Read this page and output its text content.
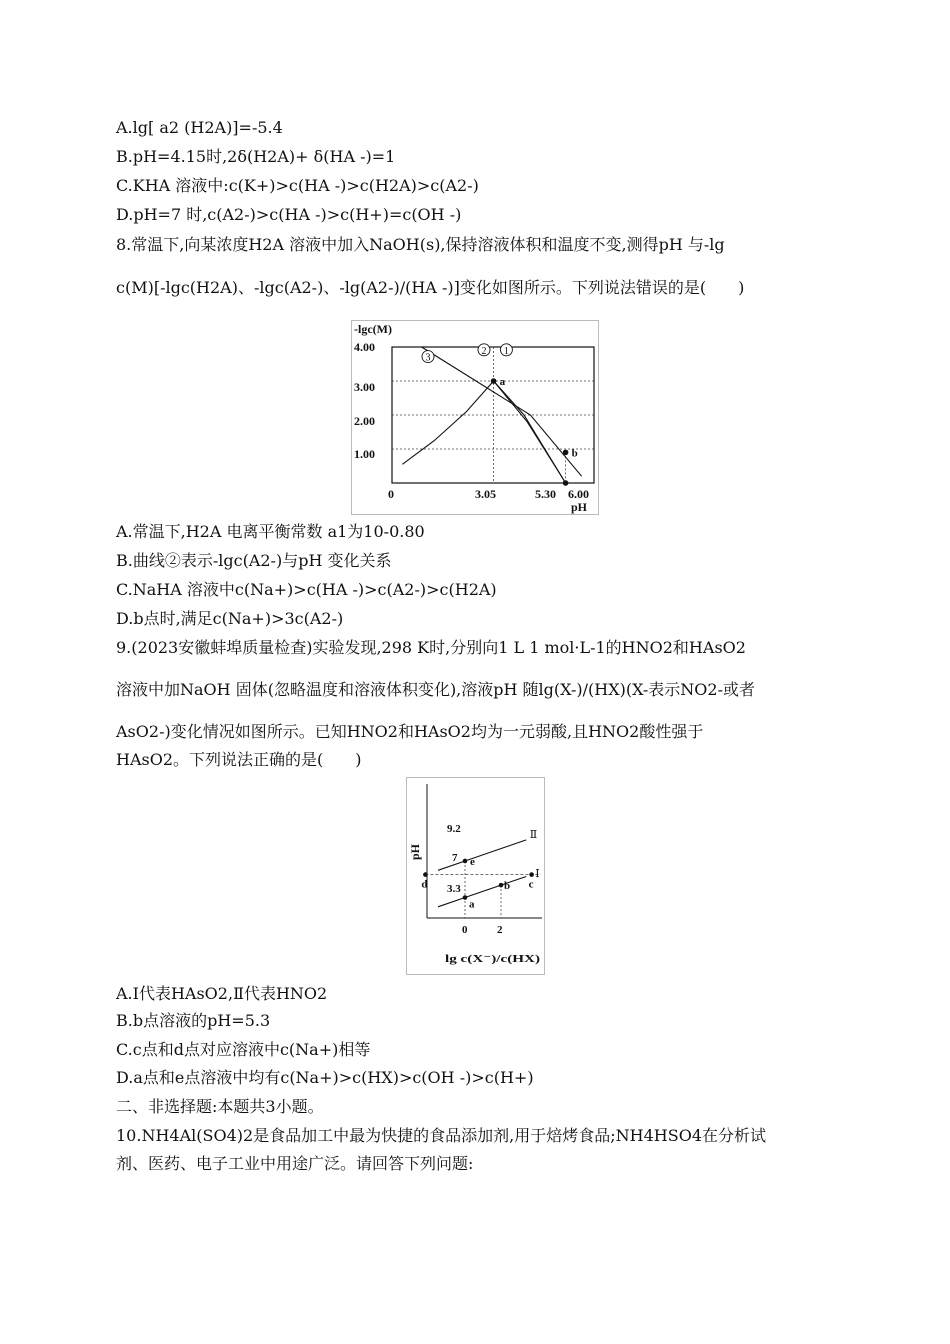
A.lg[ a2 (H2A)]=-5.4
B.pH=4.15时,2δ(H2A)+ δ(HA -)=1
C.KHA 溶液中:c(K+)>c(HA -)>c(H2A)>c(A2-)
D.pH=7 时,c(A2-)>c(HA -)>c(H+)=c(OH -)
8.常温下,向某浓度H2A 溶液中加入NaOH(s),保持溶液体积和温度不变,测得pH 与-lg
c(M)[-lgc(H2A)、-lgc(A2-)、-lg(A2-)/(HA -)]变化如图所示。下列说法错误的是(　　)
-lgc(M)
pH
4.00
3.00
2.00
1.00
0	3.05	5.30 6.00
1
2
3
a
b
A.常温下,H2A 电离平衡常数 a1为10-0.80
B.曲线②表示-lgc(A2-)与pH 变化关系
C.NaHA 溶液中c(Na+)>c(HA -)>c(A2-)>c(H2A)
D.b点时,满足c(Na+)>3c(A2-)
9.(2023安徽蚌埠质量检查)实验发现,298 K时,分别向1 L 1 mol·L-1的HNO2和HAsO2
溶液中加NaOH 固体(忽略温度和溶液体积变化),溶液pH 随lg(X-)/(HX)(X-表示NO2-或者
AsO2-)变化情况如图所示。已知HNO2和HAsO2均为一元弱酸,且HNO2酸性强于
HAsO2。下列说法正确的是(　　)
pH
9.2
7
3.3
0	2
lg c(X⁻)/c(HX)
Ⅰ
Ⅱ
a
b c
d
e
A.Ⅰ代表HAsO2,Ⅱ代表HNO2
B.b点溶液的pH=5.3
C.c点和d点对应溶液中c(Na+)相等
D.a点和e点溶液中均有c(Na+)>c(HX)>c(OH -)>c(H+)
二、非选择题:本题共3小题。
10.NH4Al(SO4)2是食品加工中最为快捷的食品添加剂,用于焙烤食品;NH4HSO4在分析试
剂、医药、电子工业中用途广泛。请回答下列问题:
